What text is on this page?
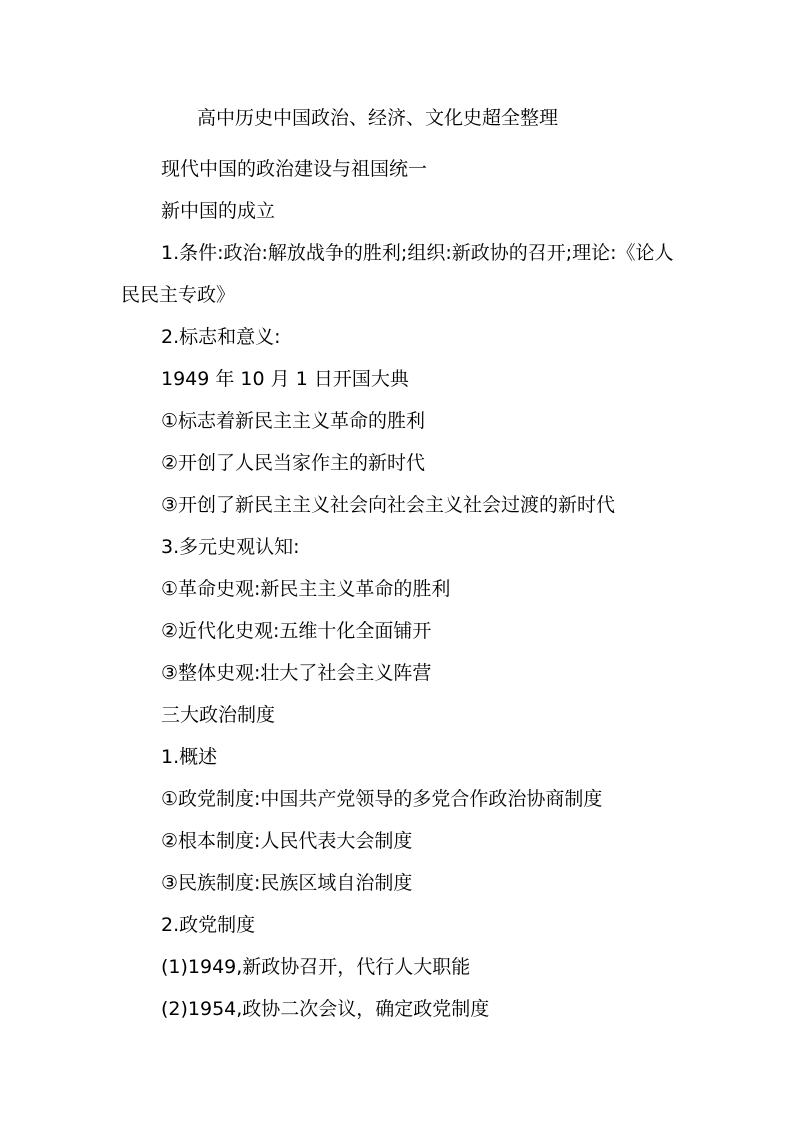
高中历史中国政治、经济、文化史超全整理

现代中国的政治建设与祖国统一

新中国的成立

1.条件:政治:解放战争的胜利;组织:新政协的召开;理论:《论人

民民主专政》

2.标志和意义:

1949 年 10 月 1 日开国大典

①标志着新民主主义革命的胜利

②开创了人民当家作主的新时代

③开创了新民主主义社会向社会主义社会过渡的新时代

3.多元史观认知:

①革命史观:新民主主义革命的胜利

②近代化史观:五维十化全面铺开

③整体史观:壮大了社会主义阵营

三大政治制度

1.概述

①政党制度:中国共产党领导的多党合作政治协商制度

②根本制度:人民代表大会制度

③民族制度:民族区域自治制度

2.政党制度

(1)1949,新政协召开，代行人大职能

(2)1954,政协二次会议，确定政党制度
